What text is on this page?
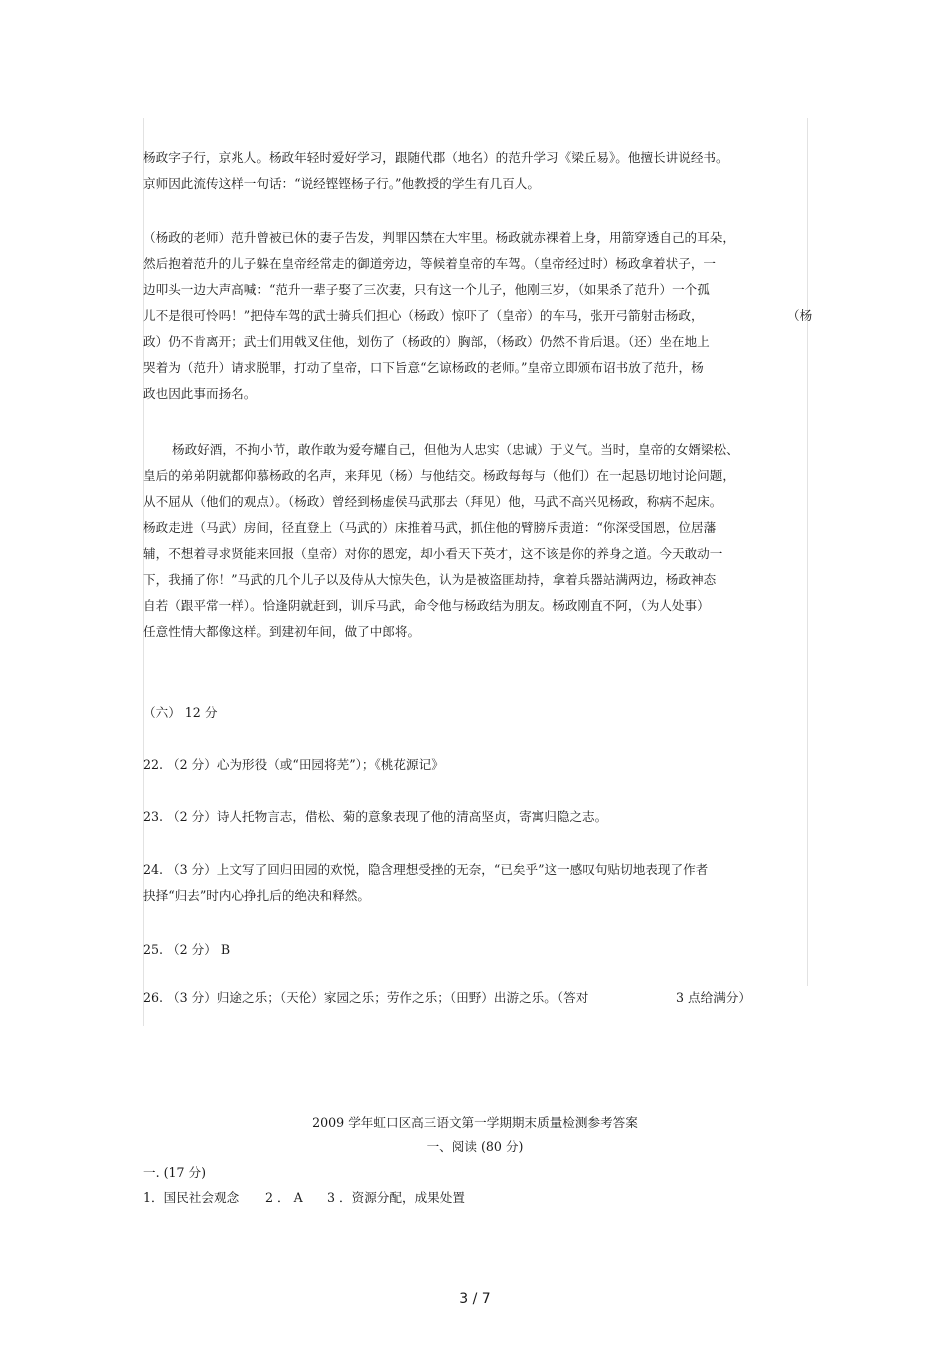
杨政字子行，京兆人。杨政年轻时爱好学习，跟随代郡（地名）的范升学习《梁丘易》。他擅长讲说经书。
京师因此流传这样一句话：“说经铿铿杨子行。”他教授的学生有几百人。
（杨政的老师）范升曾被已休的妻子告发，判罪囚禁在大牢里。杨政就赤裸着上身，用箭穿透自己的耳朵，
然后抱着范升的儿子躲在皇帝经常走的御道旁边，等候着皇帝的车驾。（皇帝经过时）杨政拿着状子，一
边叩头一边大声高喊：“范升一辈子娶了三次妻，只有这一个儿子，他刚三岁，（如果杀了范升）一个孤
儿不是很可怜吗！”把侍车驾的武士骑兵们担心（杨政）惊吓了（皇帝）的车马，张开弓箭射击杨政，	（杨
政）仍不肯离开；武士们用戟叉住他，划伤了（杨政的）胸部，（杨政）仍然不肯后退。（还）坐在地上
哭着为（范升）请求脱罪，打动了皇帝，口下旨意“乞谅杨政的老师。”皇帝立即颁布诏书放了范升，杨
政也因此事而扬名。
杨政好酒，不拘小节，敢作敢为爱夸耀自己，但他为人忠实（忠诚）于义气。当时，皇帝的女婿梁松、
皇后的弟弟阴就都仰慕杨政的名声，来拜见（杨）与他结交。杨政每每与（他们）在一起恳切地讨论问题，
从不屈从（他们的观点）。（杨政）曾经到杨虚侯马武那去（拜见）他，马武不高兴见杨政，称病不起床。
杨政走进（马武）房间，径直登上（马武的）床推着马武，抓住他的臂膀斥责道：“你深受国恩，位居藩
辅，不想着寻求贤能来回报（皇帝）对你的恩宠，却小看天下英才，这不该是你的养身之道。今天敢动一
下，我捅了你！”马武的几个儿子以及侍从大惊失色，认为是被盗匪劫持，拿着兵器站满两边，杨政神态
自若（跟平常一样）。恰逢阴就赶到，训斥马武，命令他与杨政结为朋友。杨政刚直不阿，（为人处事）
任意性情大都像这样。到建初年间，做了中郎将。
（六） 12 分
22. （2 分）心为形役（或“田园将芜”）；《桃花源记》
23. （2 分）诗人托物言志，借松、菊的意象表现了他的清高坚贞，寄寓归隐之志。
24. （3 分）上文写了回归田园的欢悦，隐含理想受挫的无奈，“已矣乎”这一感叹句贴切地表现了作者
抉择“归去”时内心挣扎后的绝决和释然。
25. （2 分） B
26. （3 分）归途之乐；（天伦）家园之乐；劳作之乐；（田野）出游之乐。（答对	3 点给满分）
2009 学年虹口区高三语文第一学期期末质量检测参考答案
一、阅读 (80 分)
一. (17 分)
1．国民社会观念 2 ． A 3 ．资源分配，成果处置
3 / 7
